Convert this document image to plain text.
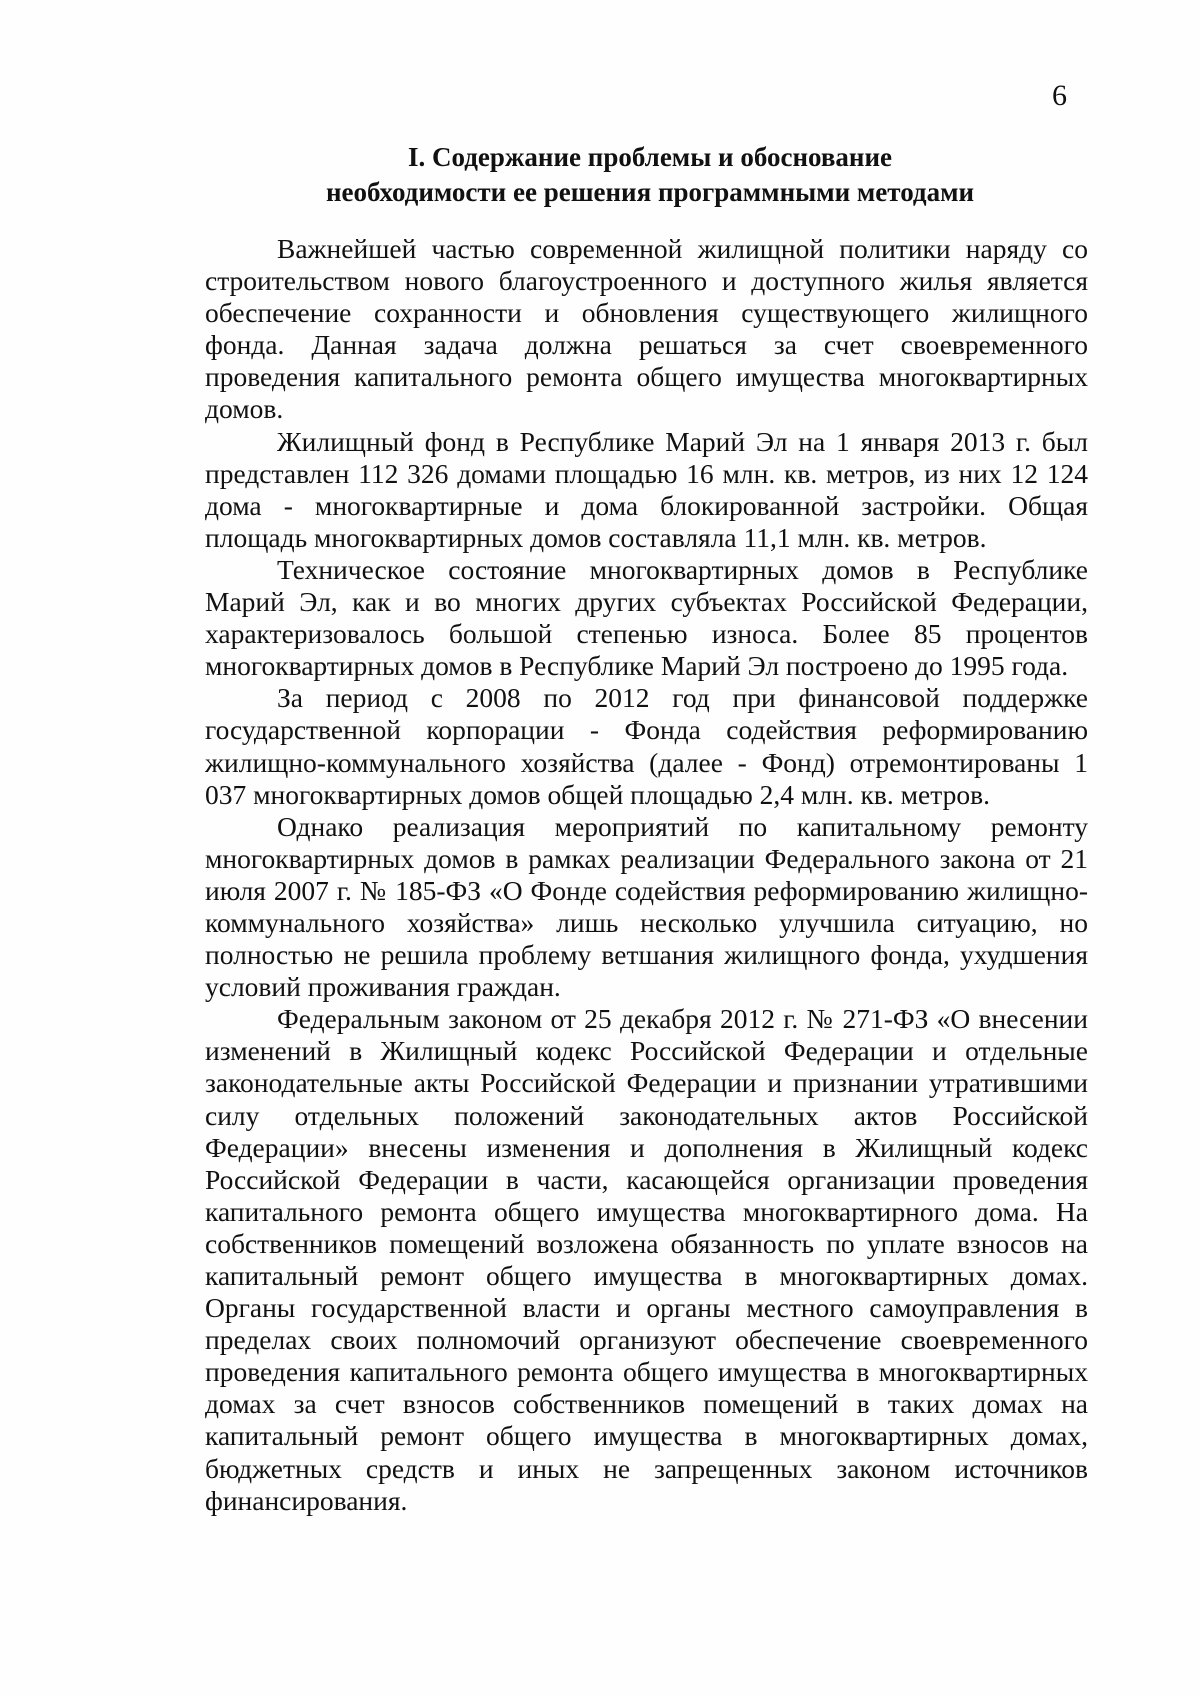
6
I. Содержание проблемы и обоснование
необходимости ее решения программными методами

Важнейшей частью современной жилищной политики наряду со строительством нового благоустроенного и доступного жилья является обеспечение сохранности и обновления существующего жилищного фонда. Данная задача должна решаться за счет своевременного проведения капитального ремонта общего имущества многоквартирных домов.

Жилищный фонд в Республике Марий Эл на 1 января 2013 г. был представлен 112 326 домами площадью 16 млн. кв. метров, из них 12 124 дома - многоквартирные и дома блокированной застройки. Общая площадь многоквартирных домов составляла 11,1 млн. кв. метров.

Техническое состояние многоквартирных домов в Республике Марий Эл, как и во многих других субъектах Российской Федерации, характеризовалось большой степенью износа. Более 85 процентов многоквартирных домов в Республике Марий Эл построено до 1995 года.

За период с 2008 по 2012 год при финансовой поддержке государственной корпорации - Фонда содействия реформированию жилищно-коммунального хозяйства (далее - Фонд) отремонтированы 1 037 многоквартирных домов общей площадью 2,4 млн. кв. метров.

Однако реализация мероприятий по капитальному ремонту многоквартирных домов в рамках реализации Федерального закона от 21 июля 2007 г. № 185-ФЗ «О Фонде содействия реформированию жилищно-коммунального хозяйства» лишь несколько улучшила ситуацию, но полностью не решила проблему ветшания жилищного фонда, ухудшения условий проживания граждан.

Федеральным законом от 25 декабря 2012 г. № 271-ФЗ «О внесении изменений в Жилищный кодекс Российской Федерации и отдельные законодательные акты Российской Федерации и признании утратившими силу отдельных положений законодательных актов Российской Федерации» внесены изменения и дополнения в Жилищный кодекс Российской Федерации в части, касающейся организации проведения капитального ремонта общего имущества многоквартирного дома. На собственников помещений возложена обязанность по уплате взносов на капитальный ремонт общего имущества в многоквартирных домах. Органы государственной власти и органы местного самоуправления в пределах своих полномочий организуют обеспечение своевременного проведения капитального ремонта общего имущества в многоквартирных домах за счет взносов собственников помещений в таких домах на капитальный ремонт общего имущества в многоквартирных домах, бюджетных средств и иных не запрещенных законом источников финансирования.
